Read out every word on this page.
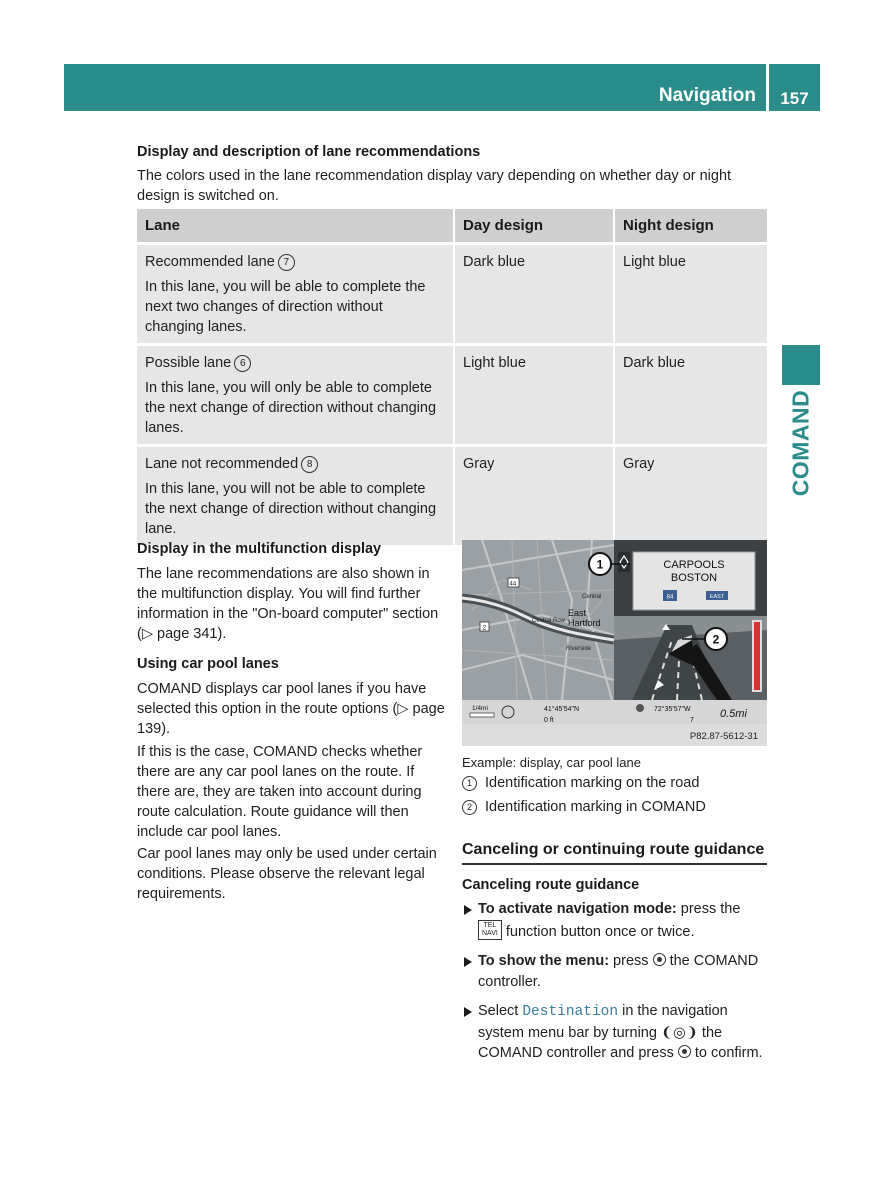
Navigation	157
COMAND
Display and description of lane recommendations
The colors used in the lane recommendation display vary depending on whether day or night design is switched on.
Lane	Day design	Night design

Recommended lane 7
In this lane, you will be able to complete the next two changes of direction without changing lanes.	Dark blue	Light blue

Possible lane 6
In this lane, you will only be able to complete the next change of direction without changing lanes.	Light blue	Dark blue

Lane not recommended 8
In this lane, you will not be able to complete the next change of direction without changing lane.	Gray	Gray
Display in the multifunction display
The lane recommendations are also shown in the multifunction display. You will find further information in the "On-board computer" section (▷ page 341).
Using car pool lanes
COMAND displays car pool lanes if you have selected this option in the route options (▷ page 139).
If this is the case, COMAND checks whether there are any car pool lanes on the route. If there are, they are taken into account during route calculation. Route guidance will then include car pool lanes.
Car pool lanes may only be used under certain conditions. Please observe the relevant legal requirements.
East
Hartford
Central
Central Row
Riverside
44
2
CARPOOLS
BOSTON
84	EAST
1
2
1/4mi	41°45'54"N
0 ft
72°35'57"W
7
0.5mi
P82.87-5612-31
Example: display, car pool lane
1 Identification marking on the road
2 Identification marking in COMAND
Canceling or continuing route guidance
Canceling route guidance
To activate navigation mode: press the
TEL
NAVI function button once or twice.
To show the menu: press  the COMAND controller.
Select Destination in the navigation system menu bar by turning ❨◎❩ the COMAND controller and press  to confirm.
